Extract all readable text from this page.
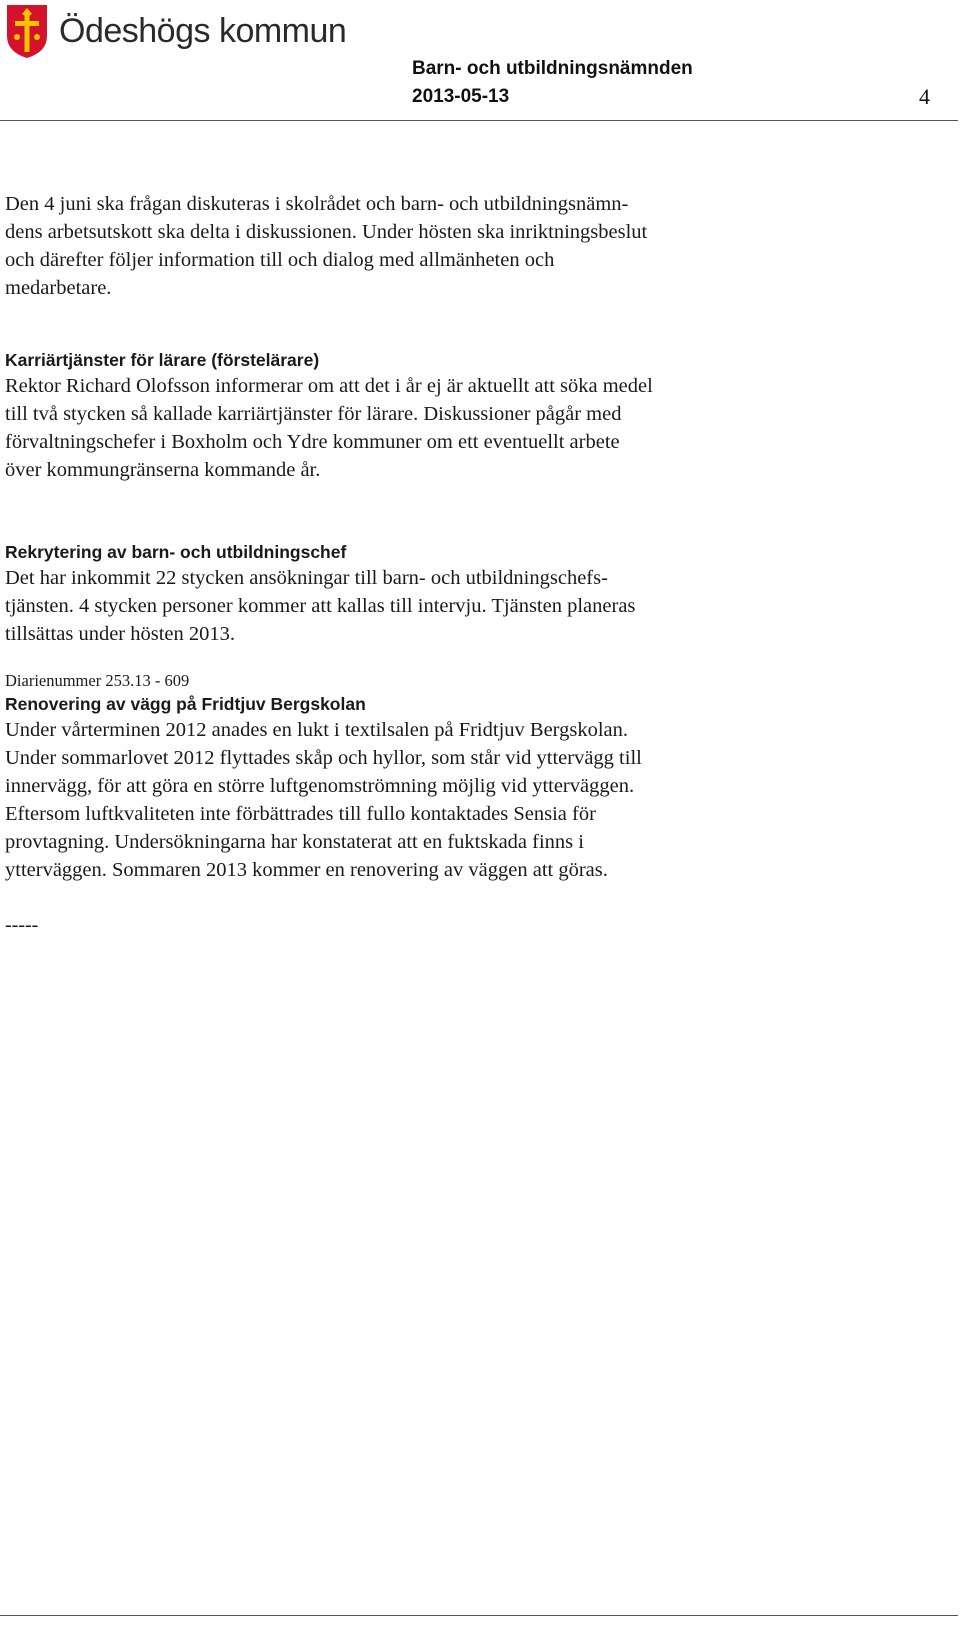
Ödeshögs kommun
Barn- och utbildningsnämnden
2013-05-13	4

Den 4 juni ska frågan diskuteras i skolrådet och barn- och utbildningsnämn-

dens arbetsutskott ska delta i diskussionen. Under hösten ska inriktningsbeslut

och därefter följer information till och dialog med allmänheten och

medarbetare.

Karriärtjänster för lärare (förstelärare)

Rektor Richard Olofsson informerar om att det i år ej är aktuellt att söka medel

till två stycken så kallade karriärtjänster för lärare. Diskussioner pågår med

förvaltningschefer i Boxholm och Ydre kommuner om ett eventuellt arbete

över kommungränserna kommande år.

Rekrytering av barn- och utbildningschef

Det har inkommit 22 stycken ansökningar till barn- och utbildningschefs-

tjänsten. 4 stycken personer kommer att kallas till intervju. Tjänsten planeras

tillsättas under hösten 2013.

Diarienummer 253.13 - 609
Renovering av vägg på Fridtjuv Bergskolan

Under vårterminen 2012 anades en lukt i textilsalen på Fridtjuv Bergskolan.

Under sommarlovet 2012 flyttades skåp och hyllor, som står vid yttervägg till

innervägg, för att göra en större luftgenomströmning möjlig vid ytterväggen.

Eftersom luftkvaliteten inte förbättrades till fullo kontaktades Sensia för

provtagning. Undersökningarna har konstaterat att en fuktskada finns i

ytterväggen. Sommaren 2013 kommer en renovering av väggen att göras.

-----
